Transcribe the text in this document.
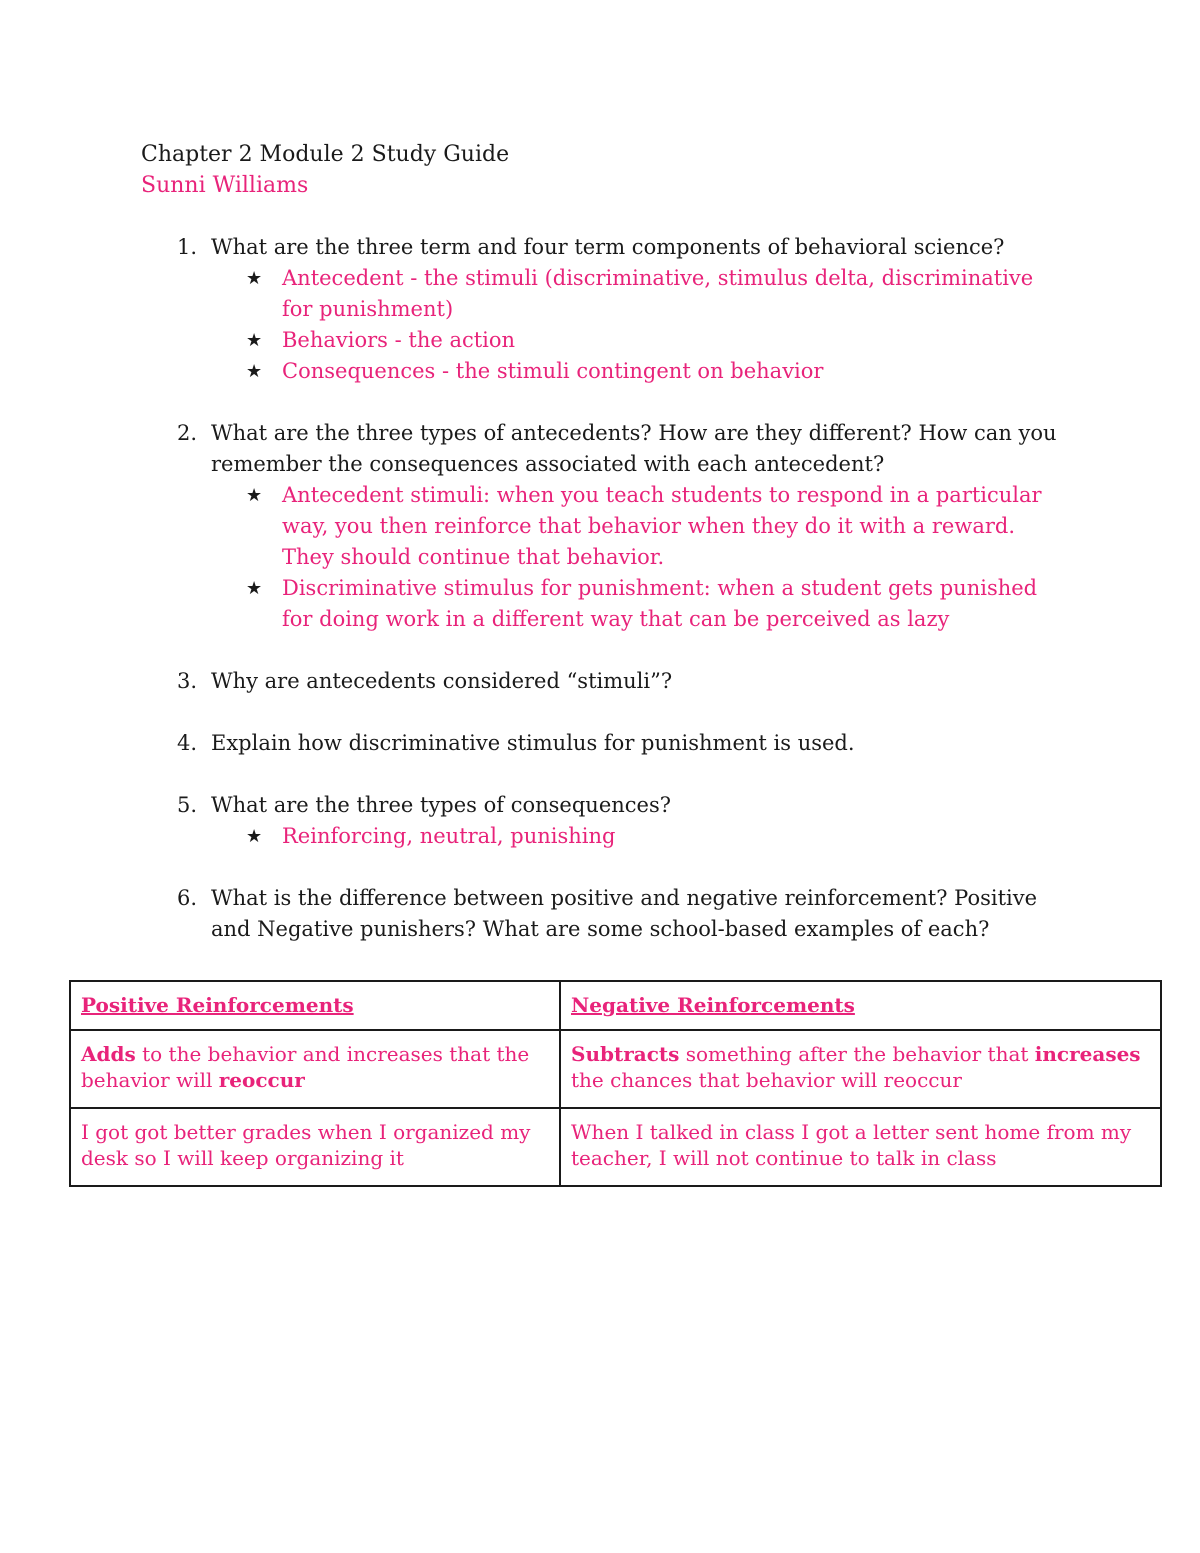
Chapter 2 Module 2 Study Guide
Sunni Williams
1. What are the three term and four term components of behavioral science?
★ Antecedent - the stimuli (discriminative, stimulus delta, discriminative for punishment)
★ Behaviors - the action
★ Consequences - the stimuli contingent on behavior
2. What are the three types of antecedents? How are they different? How can you remember the consequences associated with each antecedent?
★ Antecedent stimuli: when you teach students to respond in a particular way, you then reinforce that behavior when they do it with a reward. They should continue that behavior.
★ Discriminative stimulus for punishment: when a student gets punished for doing work in a different way that can be perceived as lazy
3. Why are antecedents considered “stimuli”?
4. Explain how discriminative stimulus for punishment is used.
5. What are the three types of consequences?
★ Reinforcing, neutral, punishing
6. What is the difference between positive and negative reinforcement? Positive and Negative punishers? What are some school-based examples of each?
Positive Reinforcements	Negative Reinforcements
Adds to the behavior and increases that the behavior will reoccur	Subtracts something after the behavior that increases the chances that behavior will reoccur
I got got better grades when I organized my desk so I will keep organizing it	When I talked in class I got a letter sent home from my teacher, I will not continue to talk in class
